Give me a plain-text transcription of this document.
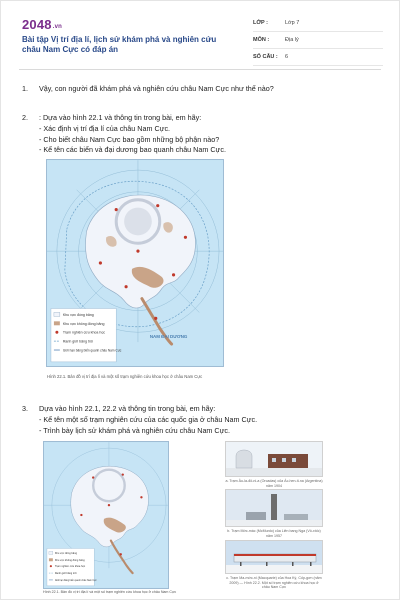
2048.vn
Bài tập Vị trí địa lí, lịch sử khám phá và nghiên cứu châu Nam Cực có đáp án
LỚP :	Lớp 7
MÔN :	Địa lý
SỐ CÂU :	6
1. Vậy, con người đã khám phá và nghiên cứu châu Nam Cực như thế nào?
2. : Dựa vào hình 22.1 và thông tin trong bài, em hãy:
- Xác định vị trí địa lí của châu Nam Cực.
- Cho biết châu Nam Cực bao gồm những bộ phận nào?
- Kể tên các biển và đại dương bao quanh châu Nam Cực.
Khu vực đóng băng
Khu vực không đóng băng
Trạm nghiên cứu khoa học
Ranh giới băng trôi
Giới hạn băng biển quanh châu Nam Cực
NAM ĐẠI DƯƠNG
Hình 22.1. Bản đồ vị trí địa lí và một số trạm nghiên cứu khoa học ở châu Nam Cực
3. Dựa vào hình 22.1, 22.2 và thông tin trong bài, em hãy:
- Kể tên một số trạm nghiên cứu của các quốc gia ở châu Nam Cực.
- Trình bày lịch sử khám phá và nghiên cứu châu Nam Cực.
Khu vực đóng băng
Khu vực không đóng băng
Trạm nghiên cứu khoa học
Ranh giới băng trôi
Giới hạn băng biển quanh châu Nam Cực
Hình 22.1. Bản đồ vị trí địa lí và một số trạm nghiên cứu khoa học ở châu Nam Cực
a. Trạm Âu-la-đô-ni-a (Orcadas) của Ác-hen-ti-na (Argentina) năm 1904
b. Trạm Mớc-mác (McMurdo) của Liên bang Nga (Vô-xtốc) năm 1957
c. Trạm Ma-mớc-ni (Macquarie) của Hoa Kỳ, Cốp-gơn (năm 2009) — Hình 22.2. Một số trạm nghiên cứu khoa học ở châu Nam Cực
